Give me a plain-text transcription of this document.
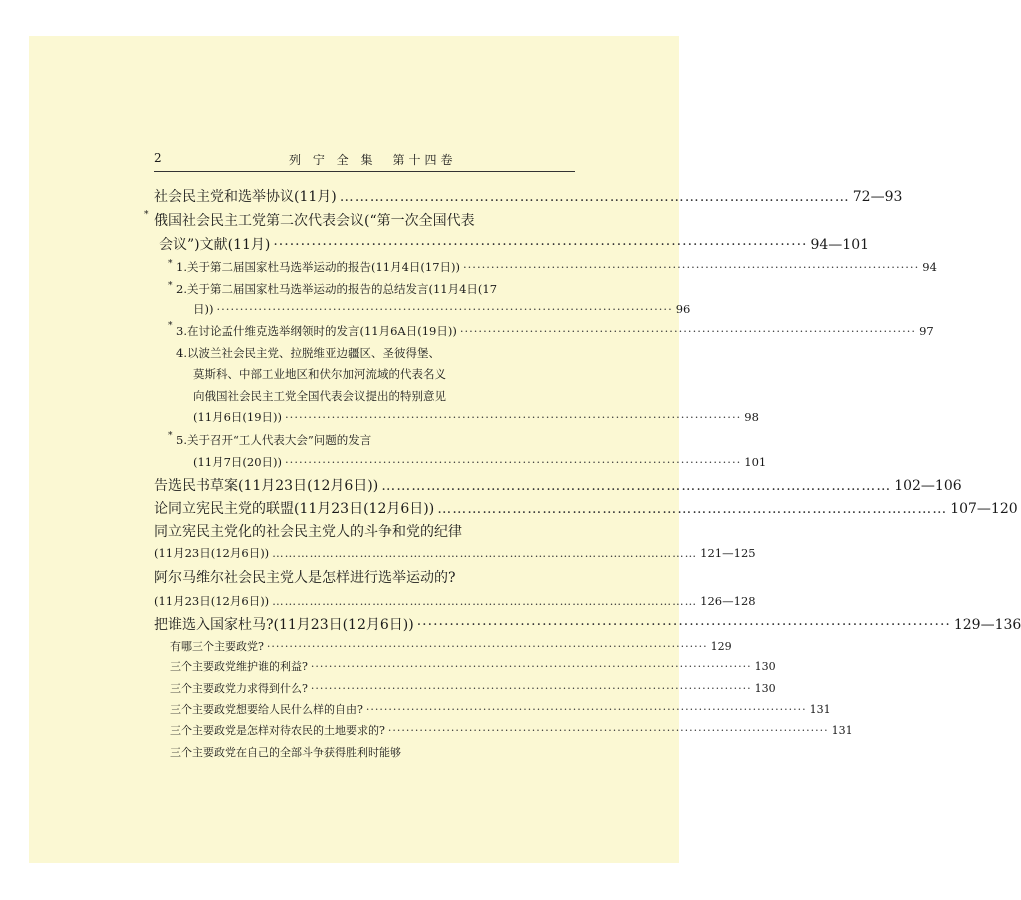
2	列 宁 全 集　第十四卷
*
*
*
*
*
社会民主党和选举协议(11月) ………………………………………………………………………………………… 72—93
俄国社会民主工党第二次代表会议(“第一次全国代表
会议”)文献(11月) ·································································································· 94—101
1.关于第二届国家杜马选举运动的报告(11月4日(17日)) ·································································································· 94
2.关于第二届国家杜马选举运动的报告的总结发言(11月4日(17
日)) ·································································································· 96
3.在讨论孟什维克选举纲领时的发言(11月6A日(19日)) ·································································································· 97
4.以波兰社会民主党、拉脱维亚边疆区、圣彼得堡、
莫斯科、中部工业地区和伏尔加河流域的代表名义
向俄国社会民主工党全国代表会议提出的特别意见
(11月6日(19日)) ·································································································· 98
5.关于召开“工人代表大会”问题的发言
(11月7日(20日)) ·································································································· 101
告选民书草案(11月23日(12月6日)) ………………………………………………………………………………………… 102—106
论同立宪民主党的联盟(11月23日(12月6日)) ………………………………………………………………………………………… 107—120
同立宪民主党化的社会民主党人的斗争和党的纪律
(11月23日(12月6日)) ………………………………………………………………………………………… 121—125
阿尔马维尔社会民主党人是怎样进行选举运动的?
(11月23日(12月6日)) ………………………………………………………………………………………… 126—128
把谁选入国家杜马?(11月23日(12月6日)) ·································································································· 129—136
有哪三个主要政党? ·································································································· 129
三个主要政党维护谁的利益? ·································································································· 130
三个主要政党力求得到什么? ·································································································· 130
三个主要政党想要给人民什么样的自由? ·································································································· 131
三个主要政党是怎样对待农民的土地要求的? ·································································································· 131
三个主要政党在自己的全部斗争获得胜利时能够
